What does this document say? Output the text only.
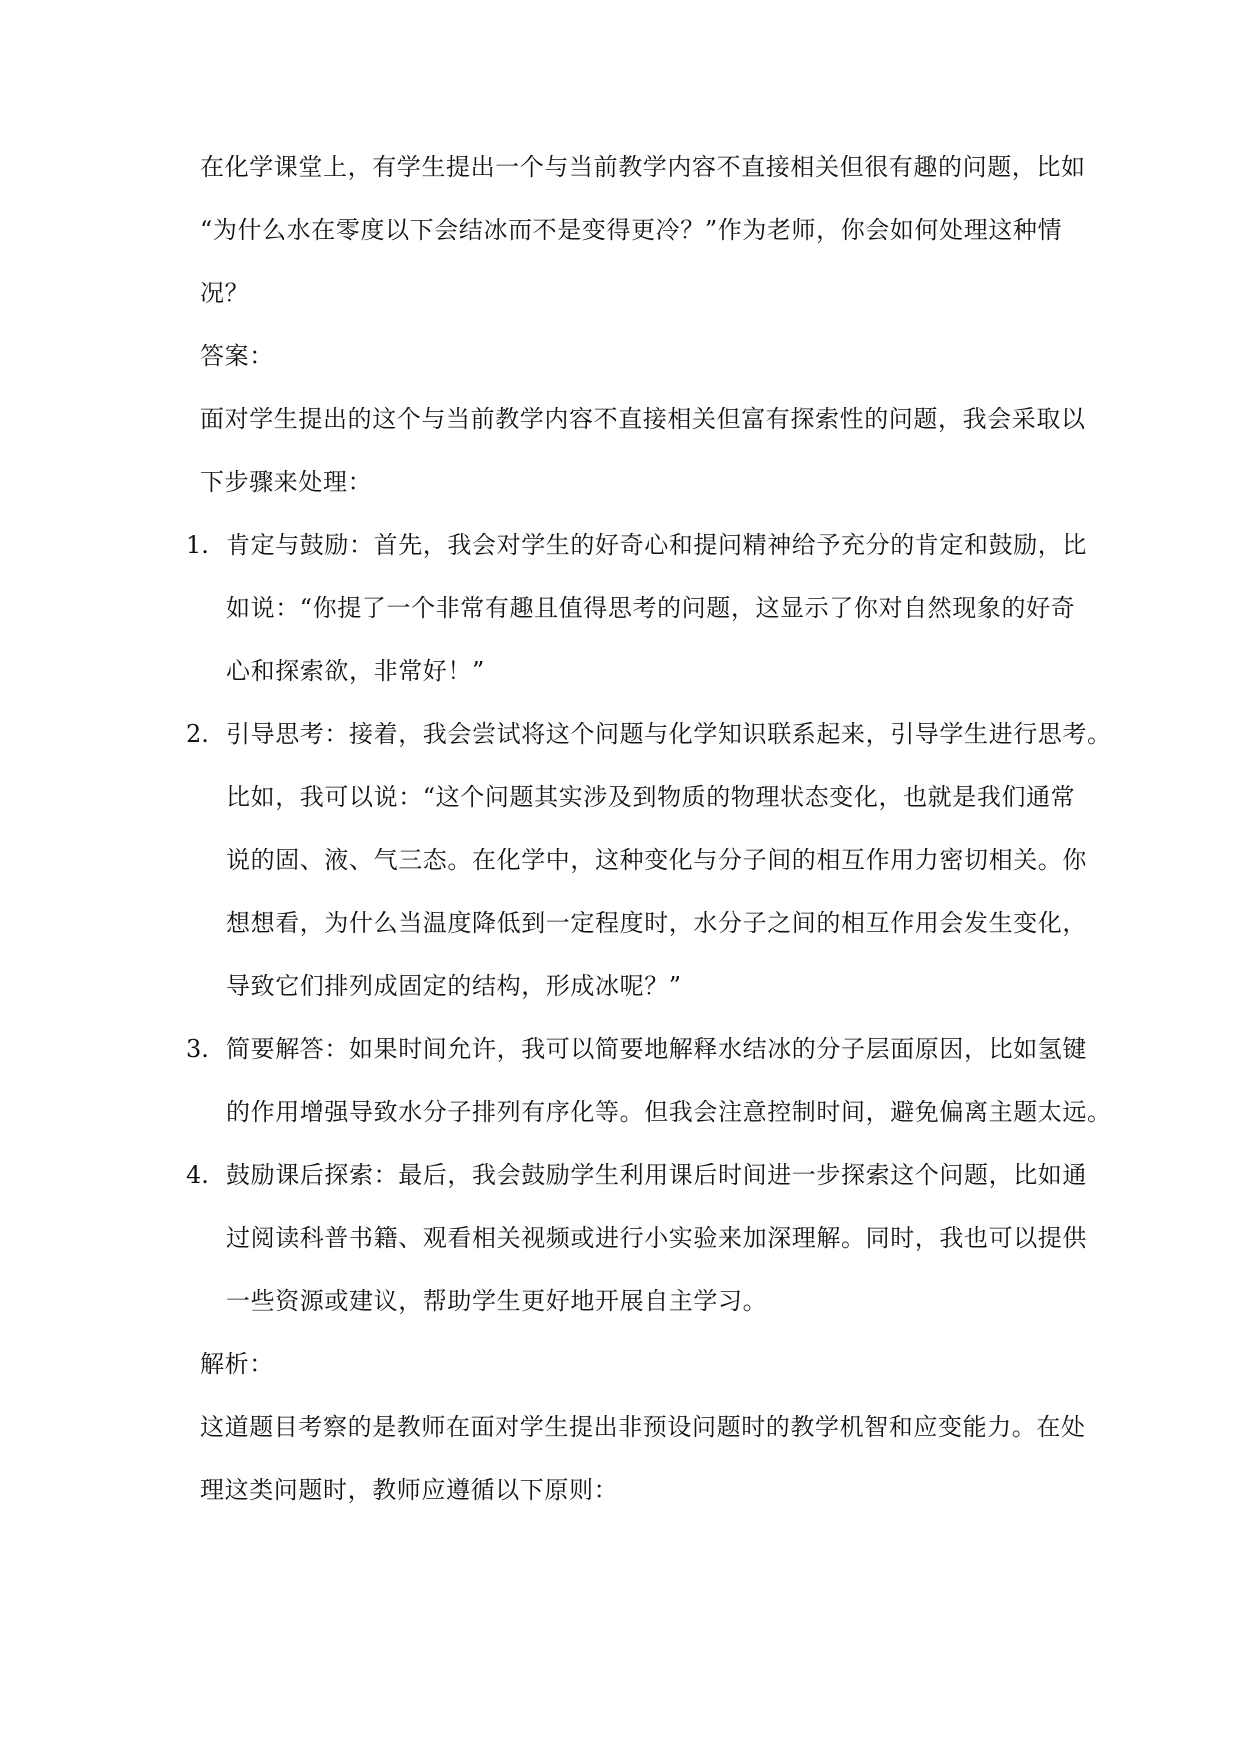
在化学课堂上，有学生提出一个与当前教学内容不直接相关但很有趣的问题，比如
“为什么水在零度以下会结冰而不是变得更冷？”作为老师，你会如何处理这种情
况？
答案：
面对学生提出的这个与当前教学内容不直接相关但富有探索性的问题，我会采取以
下步骤来处理：
1. 肯定与鼓励：首先，我会对学生的好奇心和提问精神给予充分的肯定和鼓励，比
如说：“你提了一个非常有趣且值得思考的问题，这显示了你对自然现象的好奇
心和探索欲，非常好！”
2. 引导思考：接着，我会尝试将这个问题与化学知识联系起来，引导学生进行思考。
比如，我可以说：“这个问题其实涉及到物质的物理状态变化，也就是我们通常
说的固、液、气三态。在化学中，这种变化与分子间的相互作用力密切相关。你
想想看，为什么当温度降低到一定程度时，水分子之间的相互作用会发生变化，
导致它们排列成固定的结构，形成冰呢？”
3. 简要解答：如果时间允许，我可以简要地解释水结冰的分子层面原因，比如氢键
的作用增强导致水分子排列有序化等。但我会注意控制时间，避免偏离主题太远。
4. 鼓励课后探索：最后，我会鼓励学生利用课后时间进一步探索这个问题，比如通
过阅读科普书籍、观看相关视频或进行小实验来加深理解。同时，我也可以提供
一些资源或建议，帮助学生更好地开展自主学习。
解析：
这道题目考察的是教师在面对学生提出非预设问题时的教学机智和应变能力。在处
理这类问题时，教师应遵循以下原则：
